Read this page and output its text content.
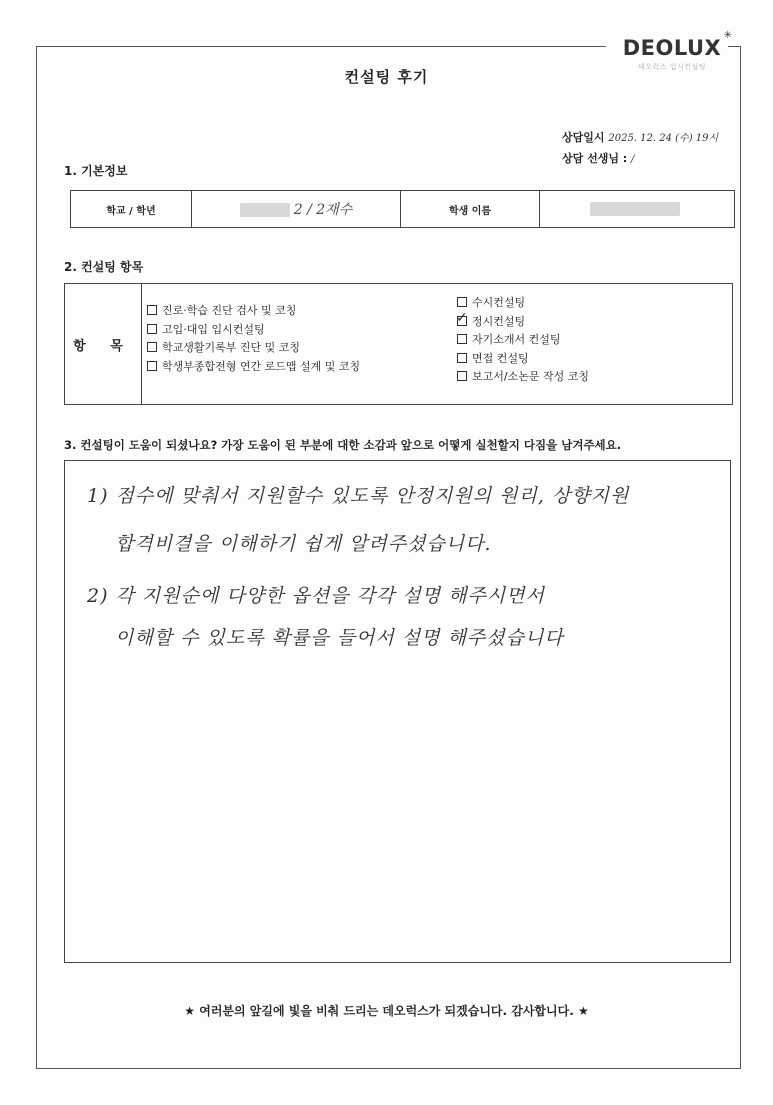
DEOLUX
데오럭스 입시컨설팅
✳
컨설팅 후기
상담일시 2025. 12. 24 (수) 19시
상담 선생님 : /
1. 기본정보
학교 / 학년	2 / 2재수	학생 이름	
2. 컨설팅 항목
항 목
진로·학습 진단 검사 및 코칭
고입·대입 입시컨설팅
학교생활기록부 진단 및 코칭
학생부종합전형 연간 로드맵 설계 및 코칭
수시컨설팅
✓ 정시컨설팅
자기소개서 컨설팅
면접 컨설팅
보고서/소논문 작성 코칭
3. 컨설팅이 도움이 되셨나요? 가장 도움이 된 부분에 대한 소감과 앞으로 어떻게 실천할지 다짐을 남겨주세요.
1) 점수에 맞춰서 지원할수 있도록 안정지원의 원리, 상향지원
합격비결을 이해하기 쉽게 알려주셨습니다.
2) 각 지원순에 다양한 옵션을 각각 설명 해주시면서
이해할 수 있도록 확률을 들어서 설명 해주셨습니다
★ 여러분의 앞길에 빛을 비춰 드리는 데오럭스가 되겠습니다. 감사합니다. ★
